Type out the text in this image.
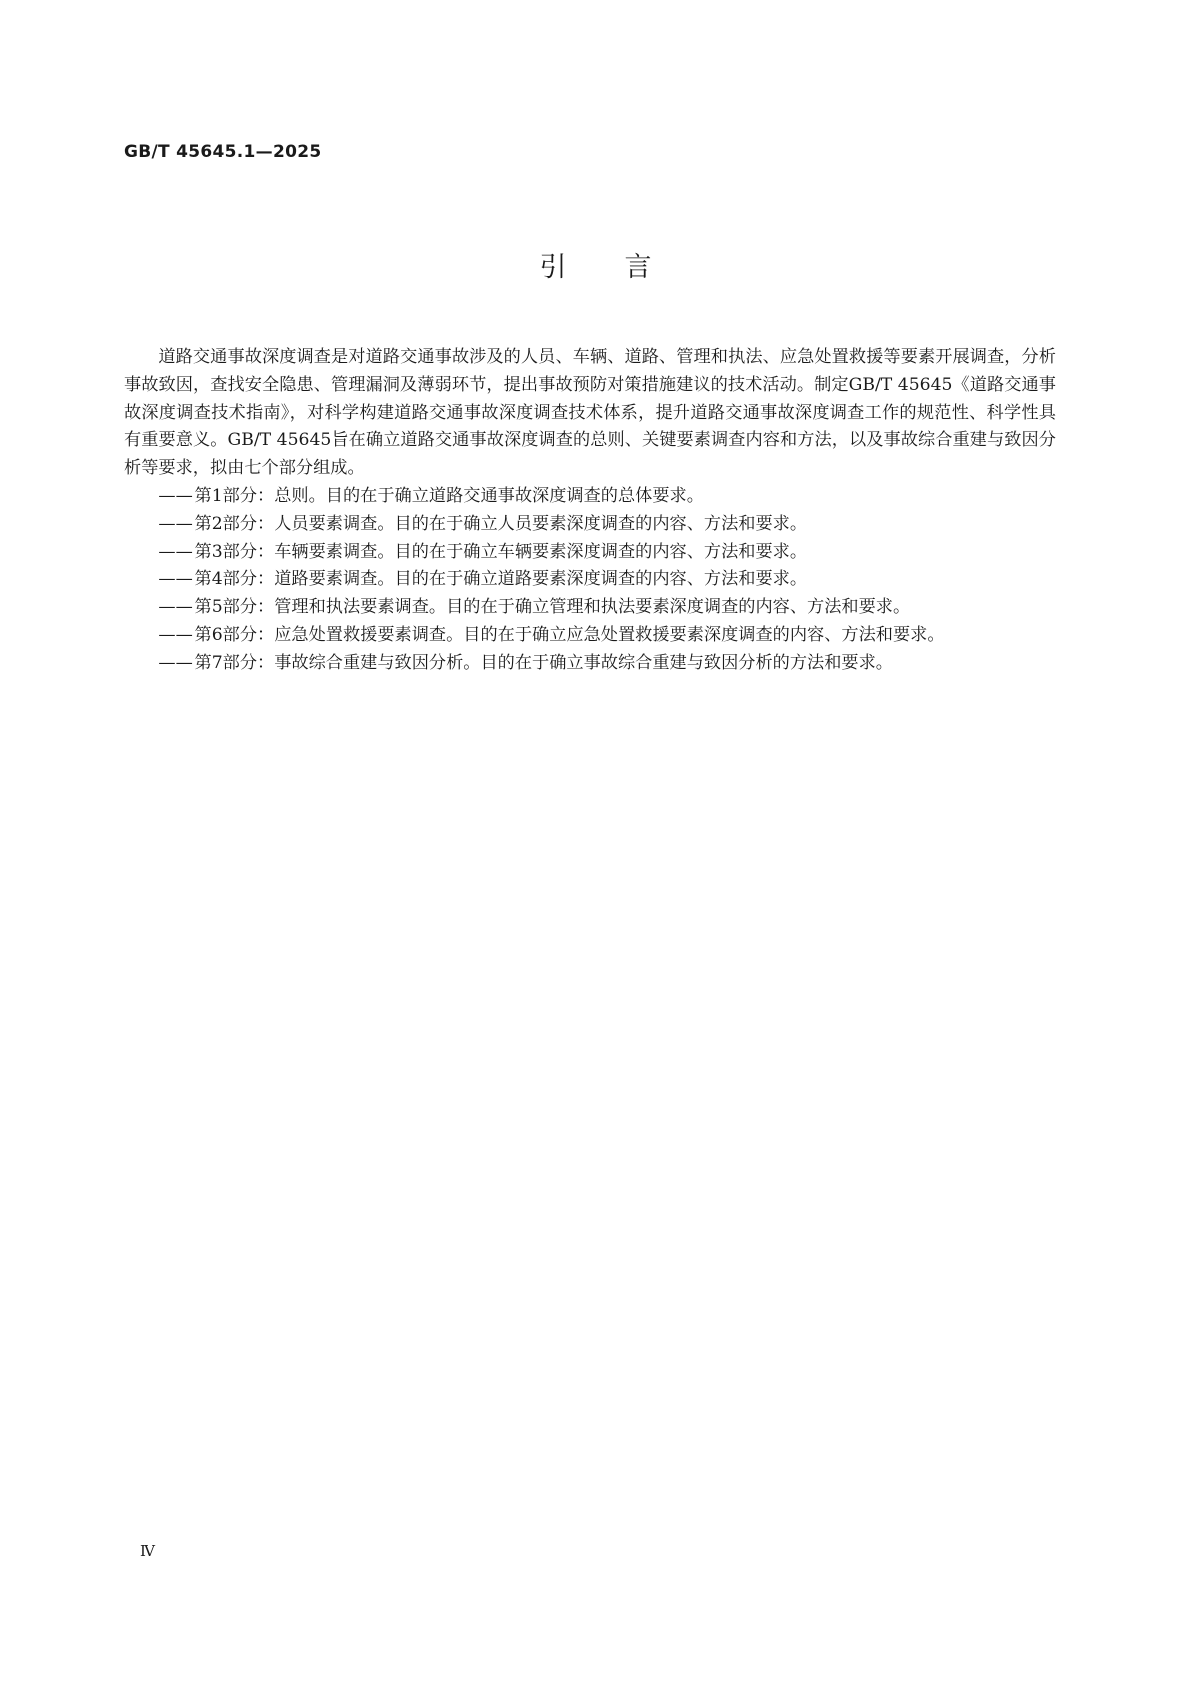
GB/T 45645.1—2025
引言

道路交通事故深度调查是对道路交通事故涉及的人员、车辆、道路、管理和执法、应急处置救援等要素开展调查，分析事故致因，查找安全隐患、管理漏洞及薄弱环节，提出事故预防对策措施建议的技术活动。制定GB/T 45645《道路交通事故深度调查技术指南》，对科学构建道路交通事故深度调查技术体系，提升道路交通事故深度调查工作的规范性、科学性具有重要意义。GB/T 45645旨在确立道路交通事故深度调查的总则、关键要素调查内容和方法，以及事故综合重建与致因分析等要求，拟由七个部分组成。

—— 第1部分：总则。目的在于确立道路交通事故深度调查的总体要求。
—— 第2部分：人员要素调查。目的在于确立人员要素深度调查的内容、方法和要求。
—— 第3部分：车辆要素调查。目的在于确立车辆要素深度调查的内容、方法和要求。
—— 第4部分：道路要素调查。目的在于确立道路要素深度调查的内容、方法和要求。
—— 第5部分：管理和执法要素调查。目的在于确立管理和执法要素深度调查的内容、方法和要求。
—— 第6部分：应急处置救援要素调查。目的在于确立应急处置救援要素深度调查的内容、方法和要求。
—— 第7部分：事故综合重建与致因分析。目的在于确立事故综合重建与致因分析的方法和要求。
Ⅳ
